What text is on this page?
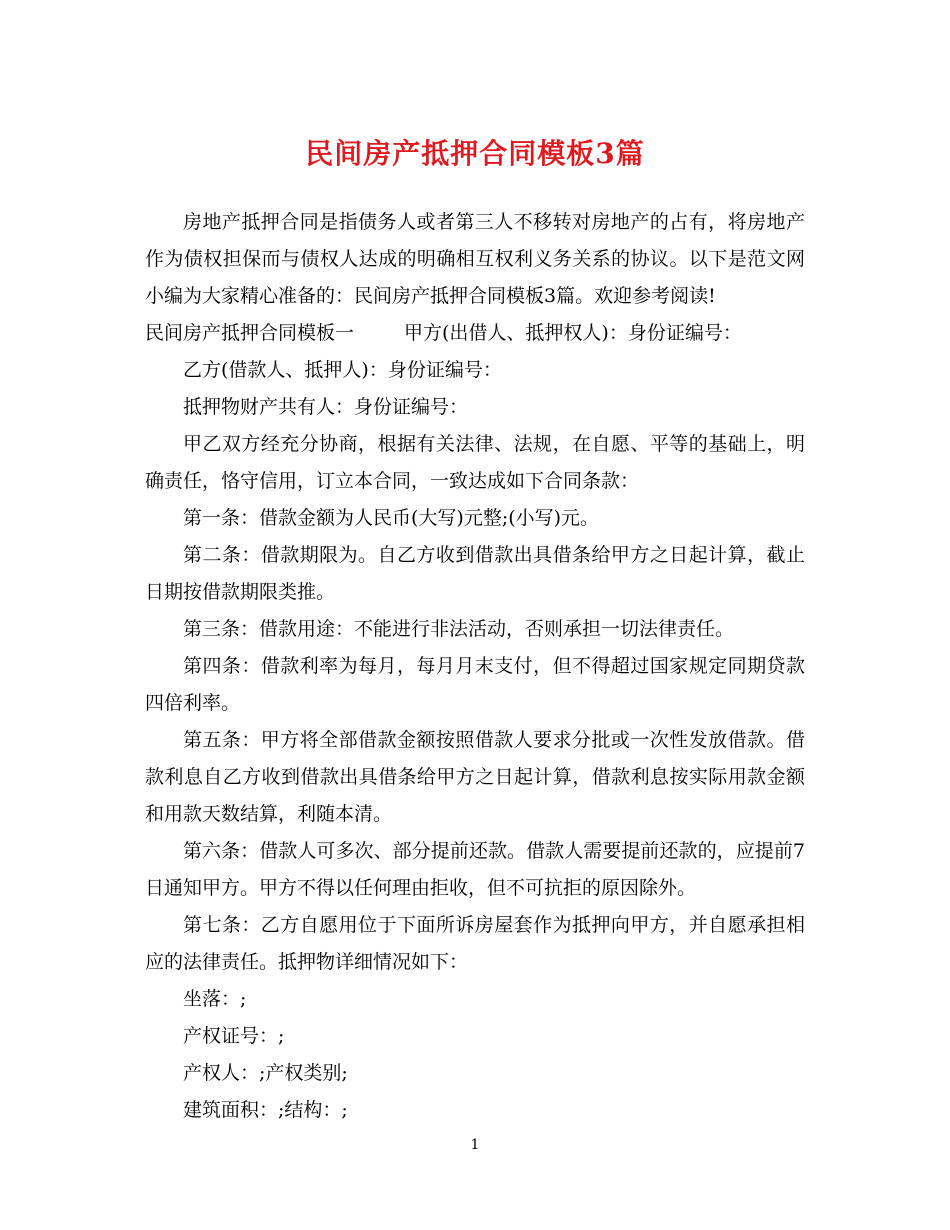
民间房产抵押合同模板3篇

房地产抵押合同是指债务人或者第三人不移转对房地产的占有，将房地产作为债权担保而与债权人达成的明确相互权利义务关系的协议。以下是范文网小编为大家精心准备的：民间房产抵押合同模板3篇。欢迎参考阅读!

民间房产抵押合同模板一	甲方(出借人、抵押权人)：身份证编号：

乙方(借款人、抵押人)：身份证编号：

抵押物财产共有人：身份证编号：

甲乙双方经充分协商，根据有关法律、法规，在自愿、平等的基础上，明确责任，恪守信用，订立本合同，一致达成如下合同条款：

第一条：借款金额为人民币(大写)元整;(小写)元。

第二条：借款期限为。自乙方收到借款出具借条给甲方之日起计算，截止日期按借款期限类推。

第三条：借款用途：不能进行非法活动，否则承担一切法律责任。

第四条：借款利率为每月，每月月末支付，但不得超过国家规定同期贷款四倍利率。

第五条：甲方将全部借款金额按照借款人要求分批或一次性发放借款。借款利息自乙方收到借款出具借条给甲方之日起计算，借款利息按实际用款金额和用款天数结算，利随本清。

第六条：借款人可多次、部分提前还款。借款人需要提前还款的，应提前7日通知甲方。甲方不得以任何理由拒收，但不可抗拒的原因除外。

第七条：乙方自愿用位于下面所诉房屋套作为抵押向甲方，并自愿承担相应的法律责任。抵押物详细情况如下：

坐落：;

产权证号：;

产权人：;产权类别;

建筑面积：;结构：;

1
